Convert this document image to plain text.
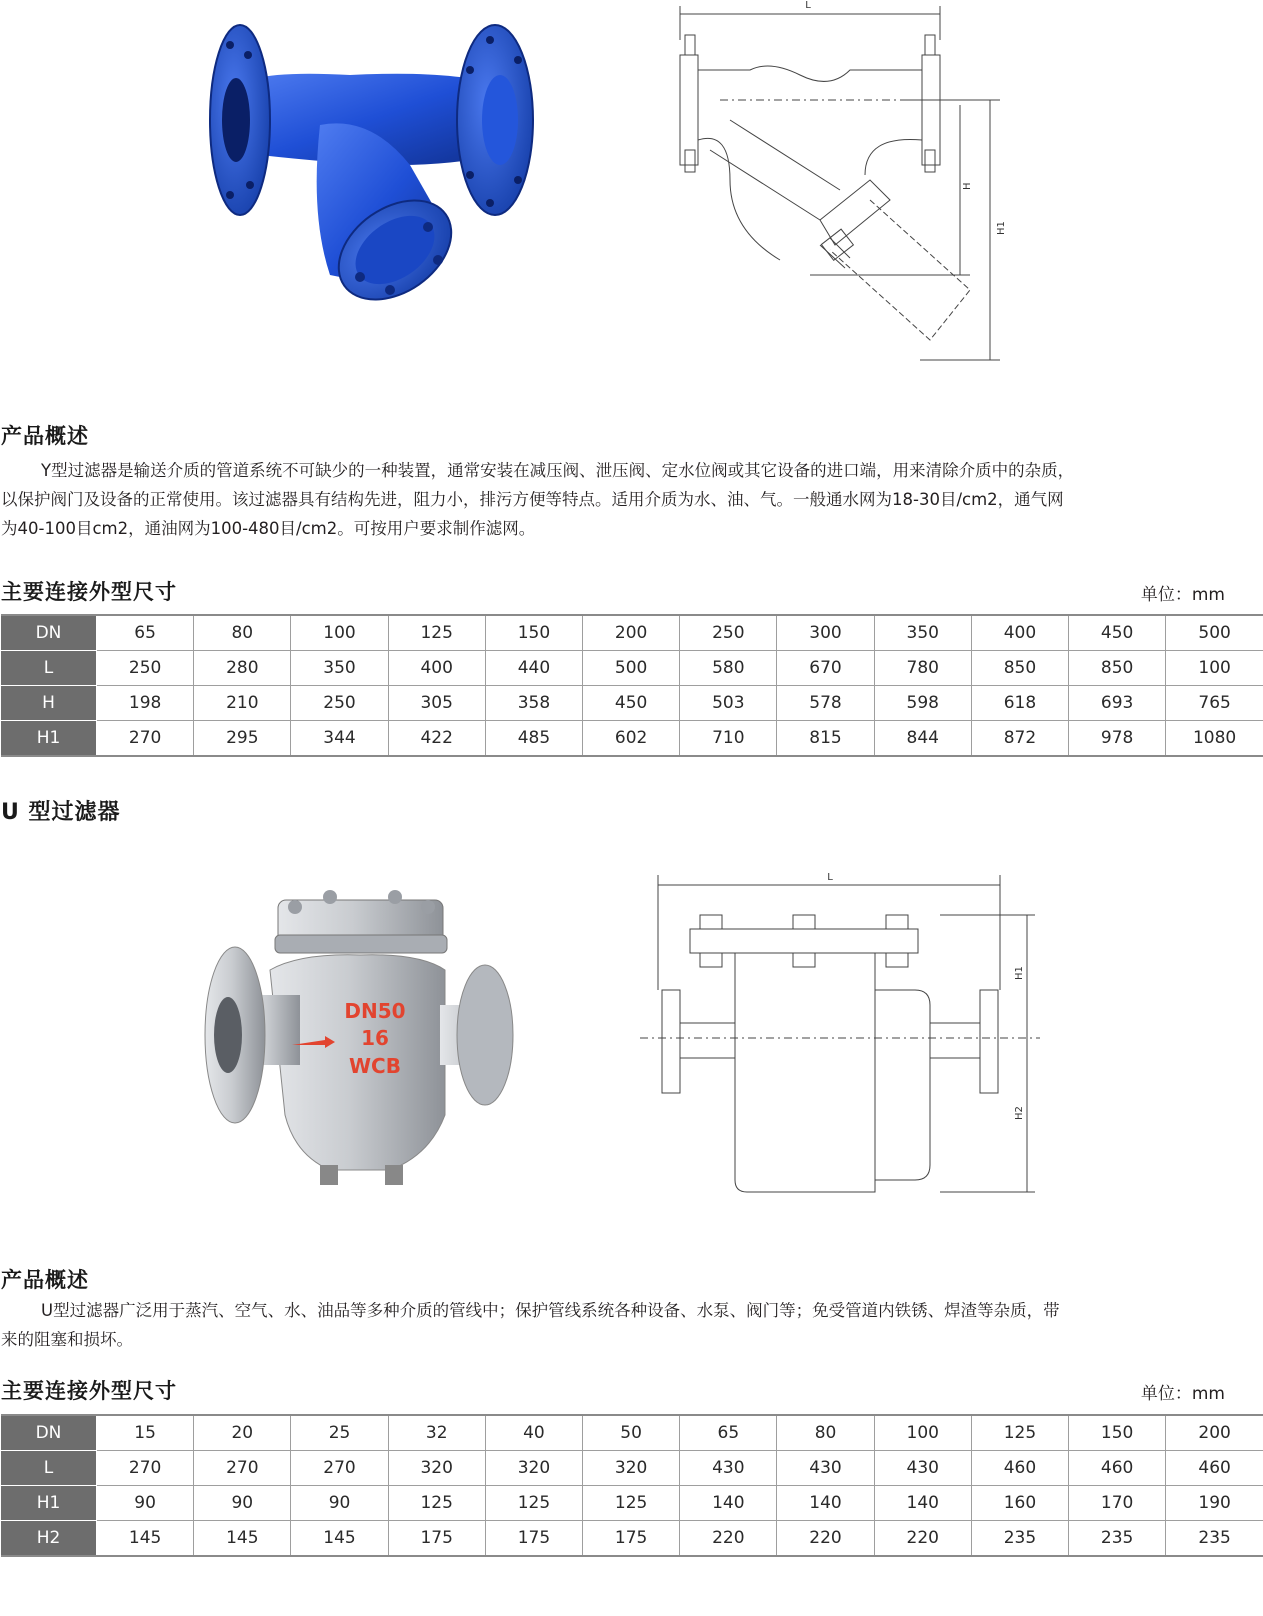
L
H
H1
产品概述
Y型过滤器是输送介质的管道系统不可缺少的一种装置，通常安装在减压阀、泄压阀、定水位阀或其它设备的进口端，用来清除介质中的杂质，
以保护阀门及设备的正常使用。该过滤器具有结构先进，阻力小，排污方便等特点。适用介质为水、油、气。一般通水网为18-30目/cm2，通气网
为40-100目cm2，通油网为100-480目/cm2。可按用户要求制作滤网。
主要连接外型尺寸	单位：mm
DN	65	80	100	125	150	200	250	300	350	400	450	500
L	250	280	350	400	440	500	580	670	780	850	850	100
H	198	210	250	305	358	450	503	578	598	618	693	765
H1	270	295	344	422	485	602	710	815	844	872	978	1080
U 型过滤器
DN50
16
WCB
L
H1
H2
产品概述
U型过滤器广泛用于蒸汽、空气、水、油品等多种介质的管线中；保护管线系统各种设备、水泵、阀门等；免受管道内铁锈、焊渣等杂质，带
来的阻塞和损坏。
主要连接外型尺寸	单位：mm
DN	15	20	25	32	40	50	65	80	100	125	150	200
L	270	270	270	320	320	320	430	430	430	460	460	460
H1	90	90	90	125	125	125	140	140	140	160	170	190
H2	145	145	145	175	175	175	220	220	220	235	235	235
